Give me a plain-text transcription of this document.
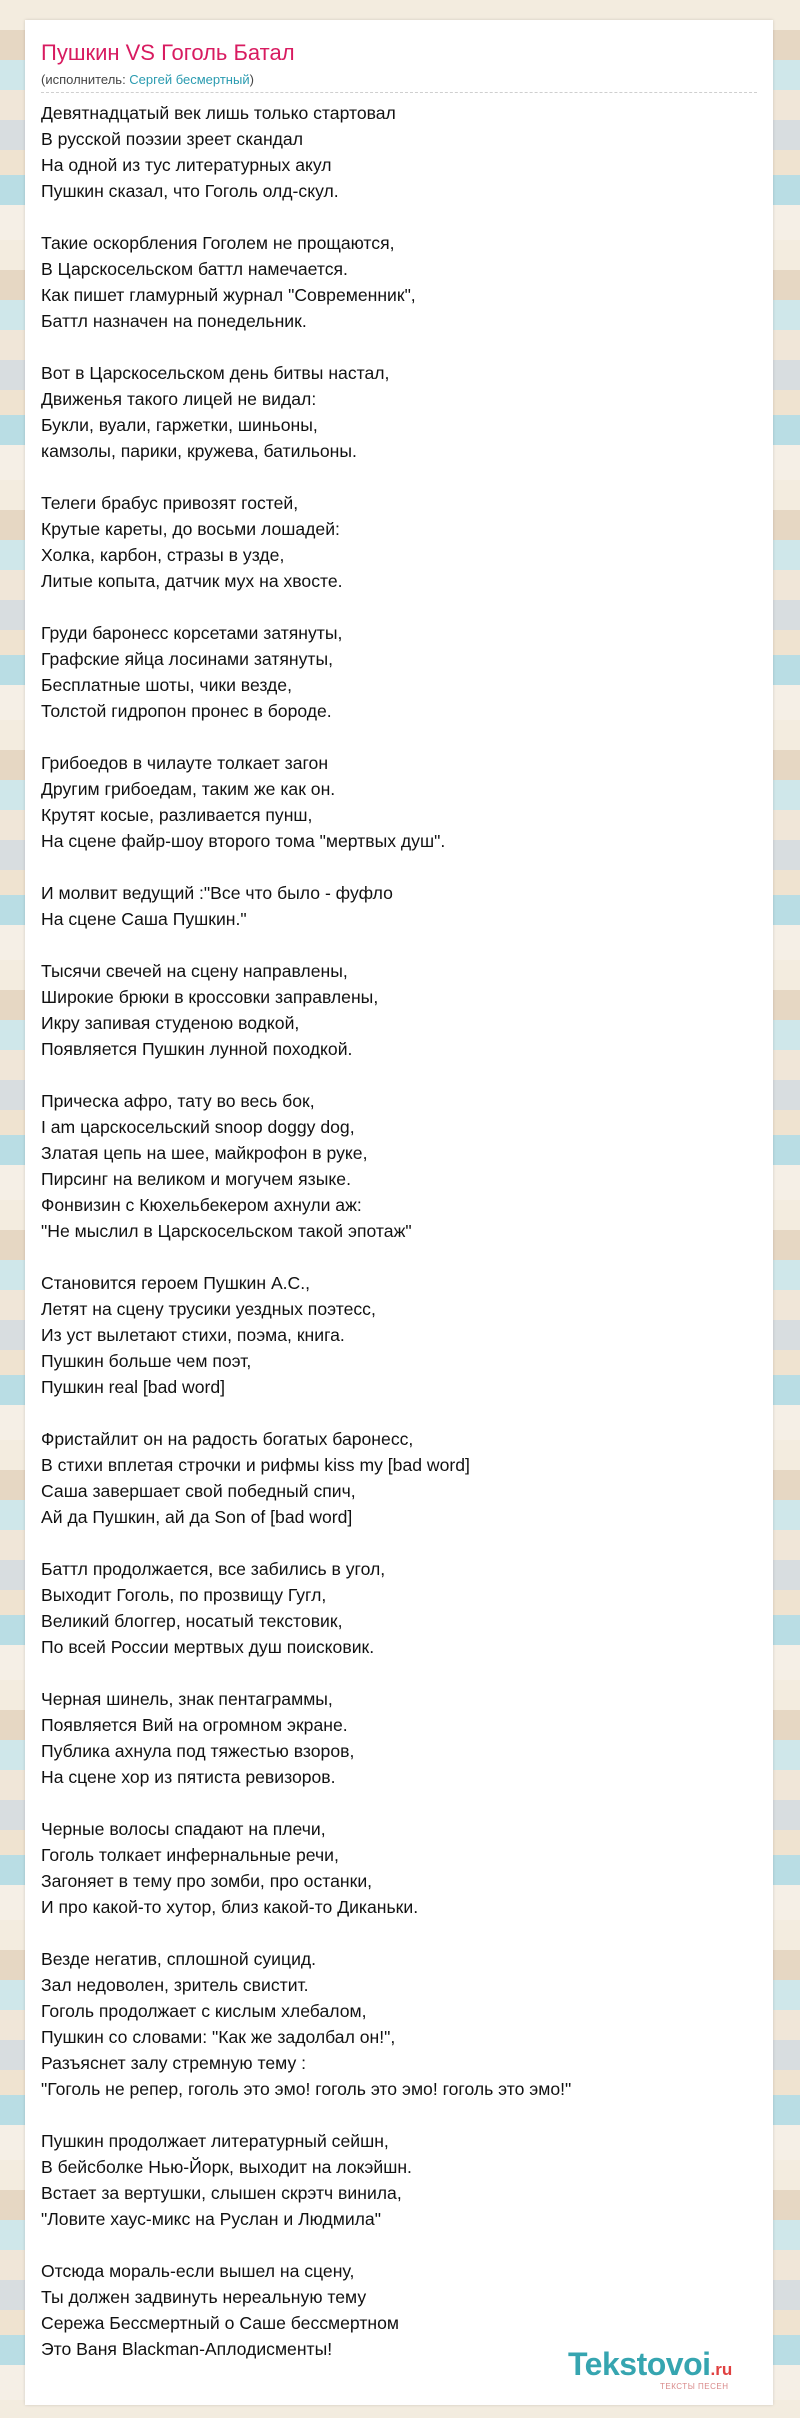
Пушкин VS Гоголь Батал
(исполнитель: Сергей бесмертный)
Девятнадцатый век лишь только стартовал
В русской поэзии зреет скандал
На одной из тус литературных акул
Пушкин сказал, что Гоголь олд-скул.
Такие оскорбления Гоголем не прощаются,
В Царскосельском баттл намечается.
Как пишет гламурный журнал "Современник",
Баттл назначен на понедельник.
Вот в Царскосельском день битвы настал,
Движенья такого лицей не видал:
Букли, вуали, гаржетки, шиньоны,
камзолы, парики, кружева, батильоны.
Телеги брабус привозят гостей,
Крутые кареты, до восьми лошадей:
Холка, карбон, стразы в узде,
Литые копыта, датчик мух на хвосте.
Груди баронесс корсетами затянуты,
Графские яйца лосинами затянуты,
Бесплатные шоты, чики везде,
Толстой гидропон пронес в бороде.
Грибоедов в чилауте толкает загон
Другим грибоедам, таким же как он.
Крутят косые, разливается пунш,
На сцене файр-шоу второго тома "мертвых душ".
И молвит ведущий :"Все что было - фуфло
На сцене Саша Пушкин."
Тысячи свечей на сцену направлены,
Широкие брюки в кроссовки заправлены,
Икру запивая студеною водкой,
Появляется Пушкин лунной походкой.
Прическа афро, тату во весь бок,
I am царскосельский snoop doggy dog,
Златая цепь на шее, майкрофон в руке,
Пирсинг на великом и могучем языке.
Фонвизин с Кюхельбекером ахнули аж:
"Не мыслил в Царскосельском такой эпотаж"
Становится героем Пушкин А.С.,
Летят на сцену трусики уездных поэтесс,
Из уст вылетают стихи, поэма, книга.
Пушкин больше чем поэт,
Пушкин real [bad word]
Фристайлит он на радость богатых баронесс,
В стихи вплетая строчки и рифмы kiss my [bad word]
Саша завершает свой победный спич,
Ай да Пушкин, ай да Son of [bad word]
Баттл продолжается, все забились в угол,
Выходит Гоголь, по прозвищу Гугл,
Великий блоггер, носатый текстовик,
По всей России мертвых душ поисковик.
Черная шинель, знак пентаграммы,
Появляется Вий на огромном экране.
Публика ахнула под тяжестью взоров,
На сцене хор из пятиста ревизоров.
Черные волосы спадают на плечи,
Гоголь толкает инфернальные речи,
Загоняет в тему про зомби, про останки,
И про какой-то хутор, близ какой-то Диканьки.
Везде негатив, сплошной суицид.
Зал недоволен, зритель свистит.
Гоголь продолжает с кислым хлебалом,
Пушкин со словами: "Как же задолбал он!",
Разъяснет залу стремную тему :
"Гоголь не репер, гоголь это эмо! гоголь это эмо! гоголь это эмо!"
Пушкин продолжает литературный сейшн,
В бейсболке Нью-Йорк, выходит на локэйшн.
Встает за вертушки, слышен скрэтч винила,
"Ловите хаус-микс на Руслан и Людмила"
Отсюда мораль-если вышел на сцену,
Ты должен задвинуть нереальную тему
Сережа Бессмертный о Саше бессмертном
Это Ваня Blackman-Аплодисменты!	Tekstovoi.ru
ТЕКСТЫ ПЕСЕН
